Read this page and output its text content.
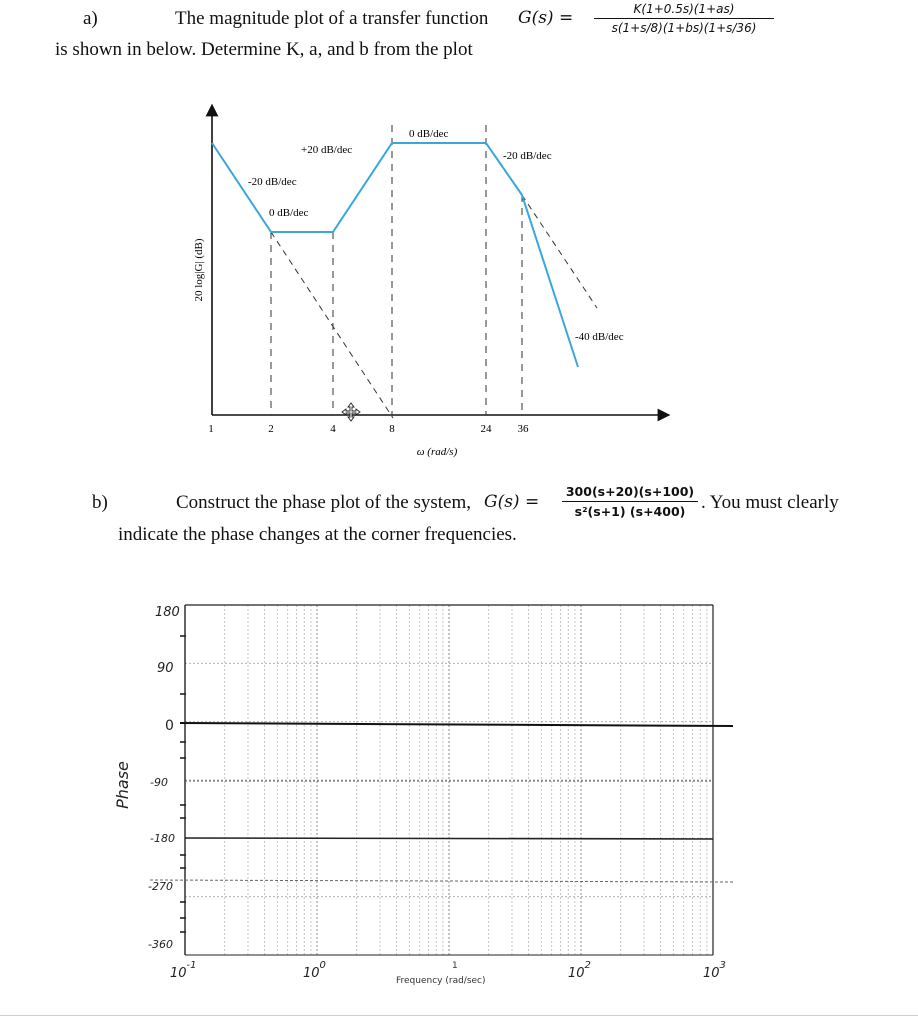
a)	The magnitude plot of a transfer function G(s) =	K(1+0.5s)(1+as)
s(1+s/8)(1+bs)(1+s/36)
is shown in below. Determine K, a, and b from the plot
1	2	4	8	24 36
ω (rad/s)
20 log|G| (dB)
-20 dB/dec
0 dB/dec
+20 dB/dec
0 dB/dec
-20 dB/dec
-40 dB/dec
b)	Construct the phase plot of the system, G(s) =
300(s+20)(s+100)
s²(s+1) (s+400) . You must clearly
indicate the phase changes at the corner frequencies.
180
90
0
-90
-180
-270
-360
Phase
$10^{-1}$
$10^0$
$10^2$
$10^3$
Frequency (rad/sec)
1
